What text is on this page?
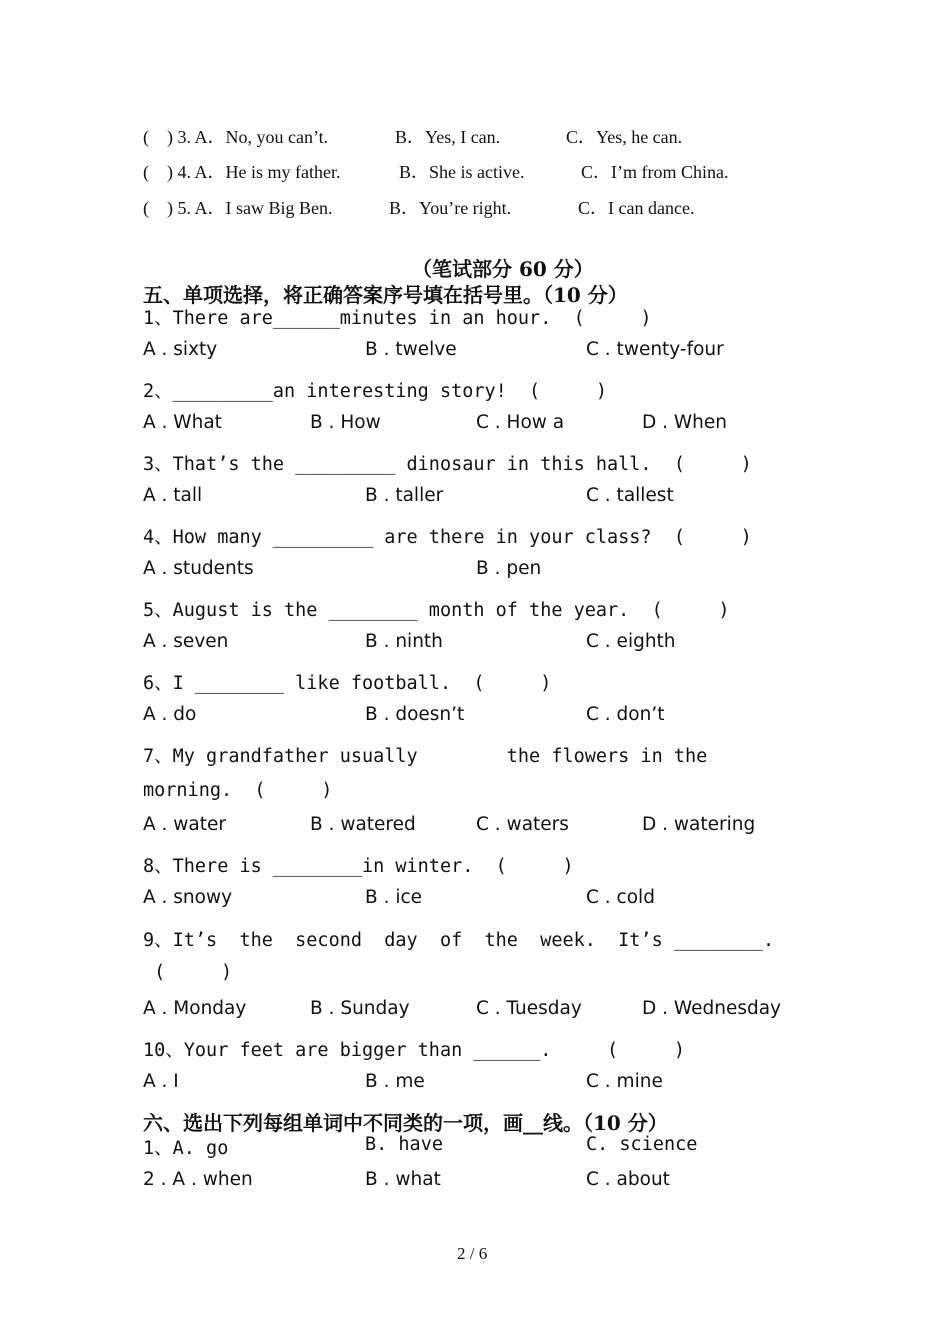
(    ) 3. A．No, you can’t.	B．Yes, I can.	C．Yes, he can.
(    ) 4. A．He is my father.	B．She is active.	C．I’m from China.
(    ) 5. A．I saw Big Ben.	B．You’re right.	C．I can dance.
（笔试部分 60 分）
五、单项选择，将正确答案序号填在括号里。（10 分）
1、There are______minutes in an hour.  (     )
A . sixty	B . twelve	C . twenty-four
2、_________an interesting story!  (     )
A . What	B . How	C . How a	D . When
3、That’s the _________ dinosaur in this hall.  (     )
A . tall	B . taller	C . tallest
4、How many _________ are there in your class?  (     )
A . students	B . pen
5、August is the ________ month of the year.  (     )
A . seven	B . ninth	C . eighth
6、I ________ like football.  (     )
A . do	B . doesn’t	C . don’t
7、My grandfather usually        the flowers in the
morning.  (     )
A . water	B . watered	C . waters	D . watering
8、There is ________in winter.  (     )
A . snowy	B . ice	C . cold
9、It’s  the  second  day  of  the  week.  It’s ________.
(     )
A . Monday	B . Sunday	C . Tuesday	D . Wednesday
10、Your feet are bigger than ______.     (     )
A . I	B . me	C . mine
六、选出下列每组单词中不同类的一项，画__线。（10 分）
1、A. go	B. have	C. science
2 . A . when	B . what	C . about
2 / 6
